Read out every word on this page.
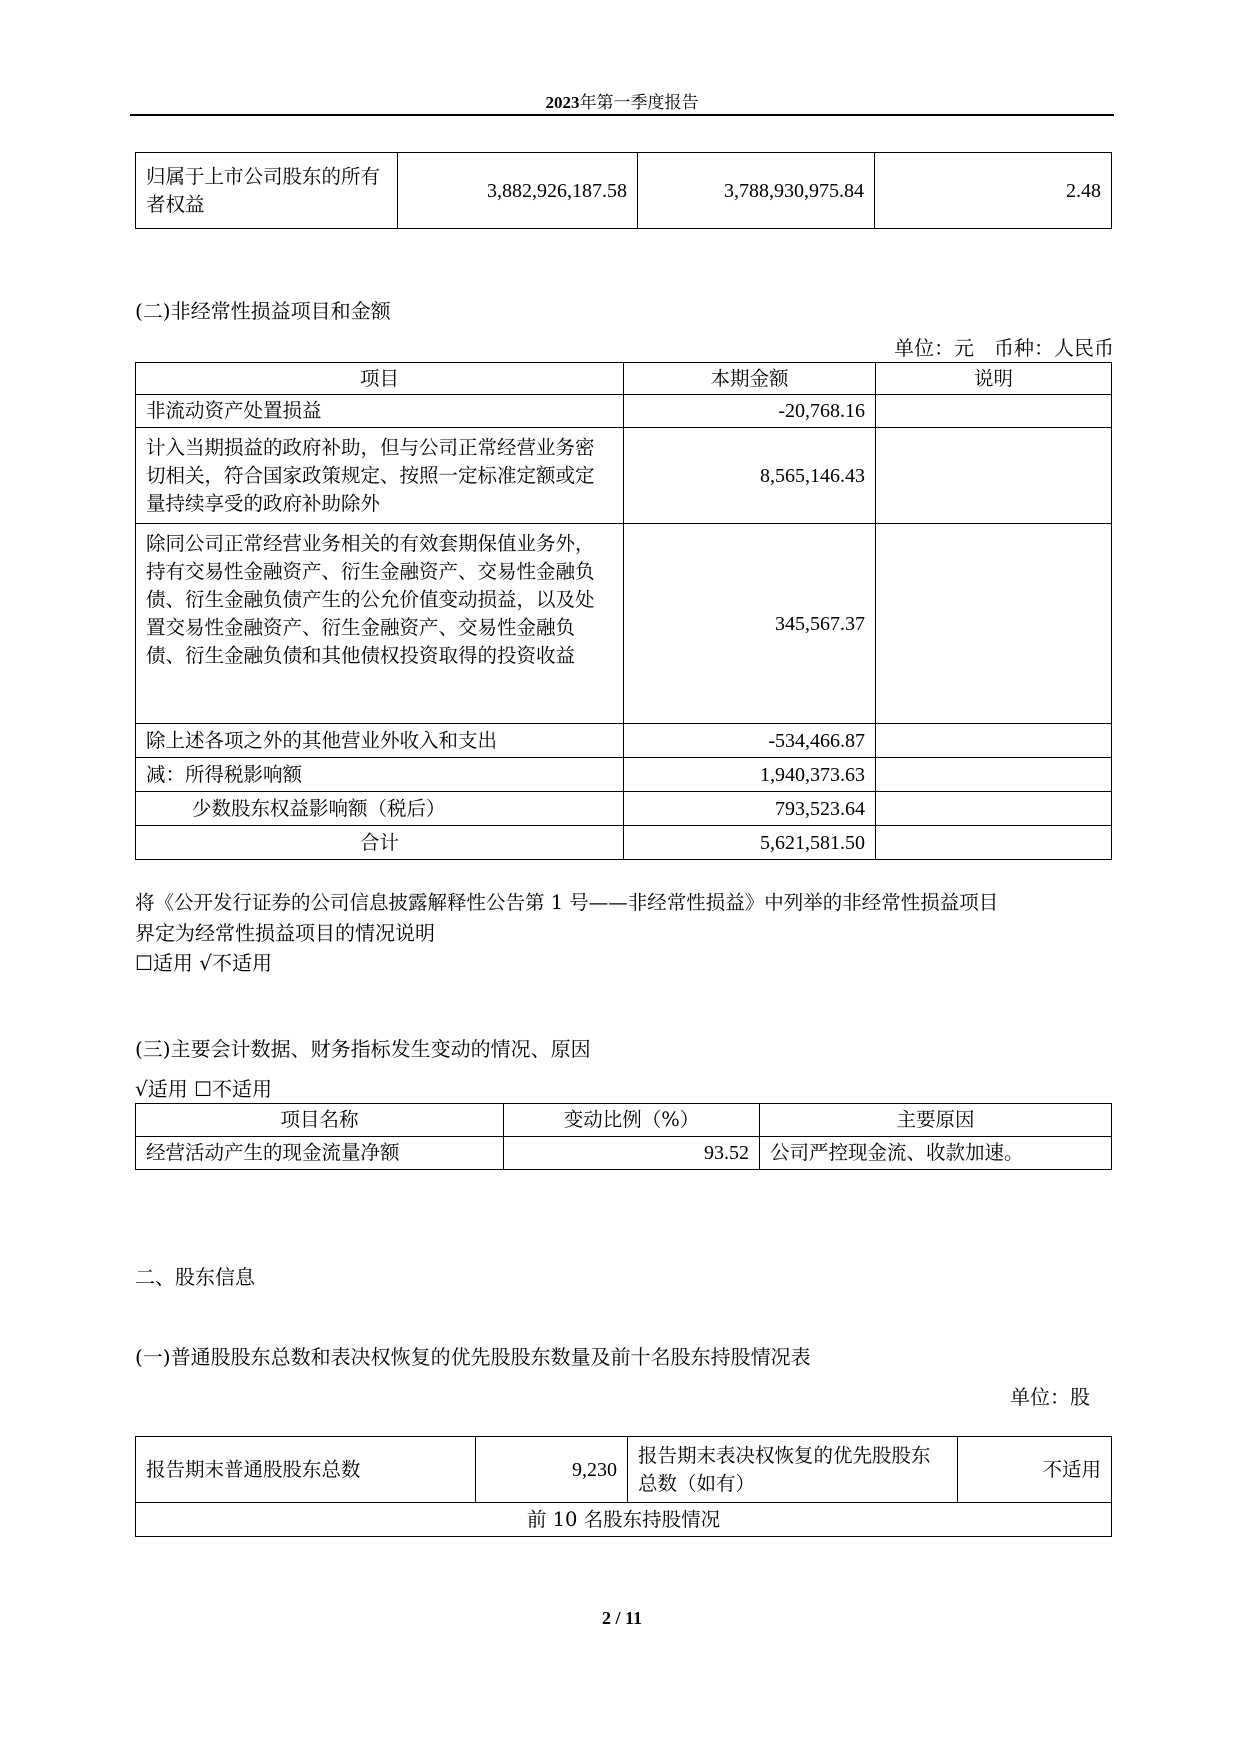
2023年第一季度报告
归属于上市公司股东的所有者权益	3,882,926,187.58	3,788,930,975.84	2.48
(二)非经常性损益项目和金额
单位：元　币种：人民币
项目	本期金额	说明
非流动资产处置损益	-20,768.16	
计入当期损益的政府补助，但与公司正常经营业务密切相关，符合国家政策规定、按照一定标准定额或定量持续享受的政府补助除外	8,565,146.43	
除同公司正常经营业务相关的有效套期保值业务外，持有交易性金融资产、衍生金融资产、交易性金融负债、衍生金融负债产生的公允价值变动损益，以及处置交易性金融资产、衍生金融资产、交易性金融负债、衍生金融负债和其他债权投资取得的投资收益	345,567.37	
除上述各项之外的其他营业外收入和支出	-534,466.87	
减：所得税影响额	1,940,373.63	
少数股东权益影响额（税后）	793,523.64	
合计	5,621,581.50	
将《公开发行证券的公司信息披露解释性公告第 1 号——非经常性损益》中列举的非经常性损益项目
界定为经常性损益项目的情况说明
☐适用 √不适用
(三)主要会计数据、财务指标发生变动的情况、原因
√适用 ☐不适用
项目名称	变动比例（%）	主要原因
经营活动产生的现金流量净额	93.52	公司严控现金流、收款加速。
二、股东信息
(一)普通股股东总数和表决权恢复的优先股股东数量及前十名股东持股情况表
单位：股
报告期末普通股股东总数	9,230	报告期末表决权恢复的优先股股东总数（如有）	不适用
前 10 名股东持股情况
2 / 11
